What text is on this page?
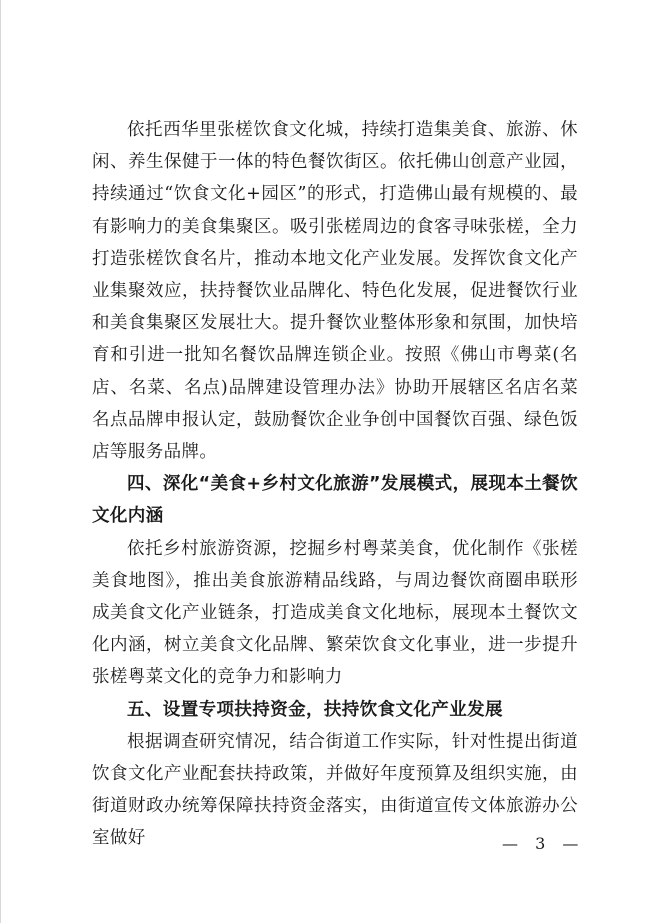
依托西华里张槎饮食文化城，持续打造集美食、旅游、休闲、养生保健于一体的特色餐饮街区。依托佛山创意产业园，持续通过“饮食文化+园区”的形式，打造佛山最有规模的、最有影响力的美食集聚区。吸引张槎周边的食客寻味张槎，全力打造张槎饮食名片，推动本地文化产业发展。发挥饮食文化产业集聚效应，扶持餐饮业品牌化、特色化发展，促进餐饮行业和美食集聚区发展壮大。提升餐饮业整体形象和氛围，加快培育和引进一批知名餐饮品牌连锁企业。按照《佛山市粤菜(名店、名菜、名点)品牌建设管理办法》协助开展辖区名店名菜名点品牌申报认定，鼓励餐饮企业争创中国餐饮百强、绿色饭店等服务品牌。

四、深化“美食+乡村文化旅游”发展模式，展现本土餐饮文化内涵

依托乡村旅游资源，挖掘乡村粤菜美食，优化制作《张槎美食地图》，推出美食旅游精品线路，与周边餐饮商圈串联形成美食文化产业链条，打造成美食文化地标，展现本土餐饮文化内涵，树立美食文化品牌、繁荣饮食文化事业，进一步提升张槎粤菜文化的竞争力和影响力

五、设置专项扶持资金，扶持饮食文化产业发展

根据调查研究情况，结合街道工作实际，针对性提出街道饮食文化产业配套扶持政策，并做好年度预算及组织实施，由街道财政办统筹保障扶持资金落实，由街道宣传文体旅游办公室做好	— 3 —
